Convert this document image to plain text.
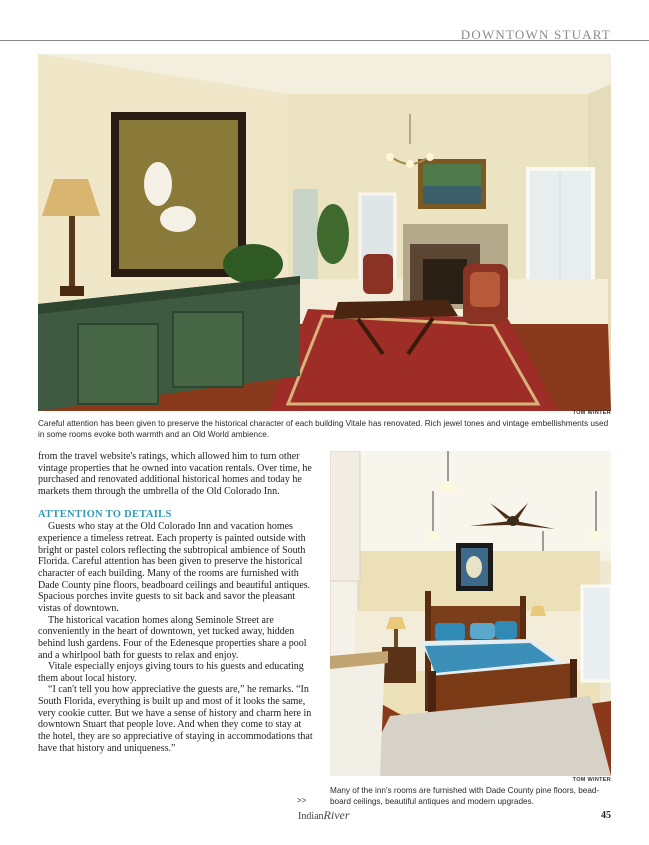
DOWNTOWN STUART
TOM WINTER
Careful attention has been given to preserve the historical character of each building Vitale has renovated. Rich jewel tones and vintage embellishments used in some rooms evoke both warmth and an Old World ambience.

from the travel website's ratings, which allowed him to turn other vintage properties that he owned into vacation rentals. Over time, he purchased and renovated additional historical homes and today he markets them through the umbrella of the Old Colorado Inn.

ATTENTION TO DETAILS

Guests who stay at the Old Colorado Inn and vacation homes experience a timeless retreat. Each property is painted outside with bright or pastel colors reflecting the subtropical ambience of South Florida. Careful attention has been given to preserve the historical character of each building. Many of the rooms are furnished with Dade County pine floors, beadboard ceilings and beautiful antiques. Spacious porches invite guests to sit back and savor the pleasant vistas of downtown.

The historical vacation homes along Seminole Street are conveniently in the heart of downtown, yet tucked away, hidden behind lush gardens. Four of the Edenesque properties share a pool and a whirlpool bath for guests to relax and enjoy.

Vitale especially enjoys giving tours to his guests and educating them about local history.

“I can't tell you how appreciative the guests are,” he remarks. “In South Florida, everything is built up and most of it looks the same, very cookie cutter. But we have a sense of history and charm here in downtown Stuart that people love. And when they come to stay at the hotel, they are so appreciative of staying in accommodations that have that history and uniqueness.”

>>
TOM WINTER
Many of the inn's rooms are furnished with Dade County pine floors, bead-board ceilings, beautiful antiques and modern upgrades.
IndianRiver	45
